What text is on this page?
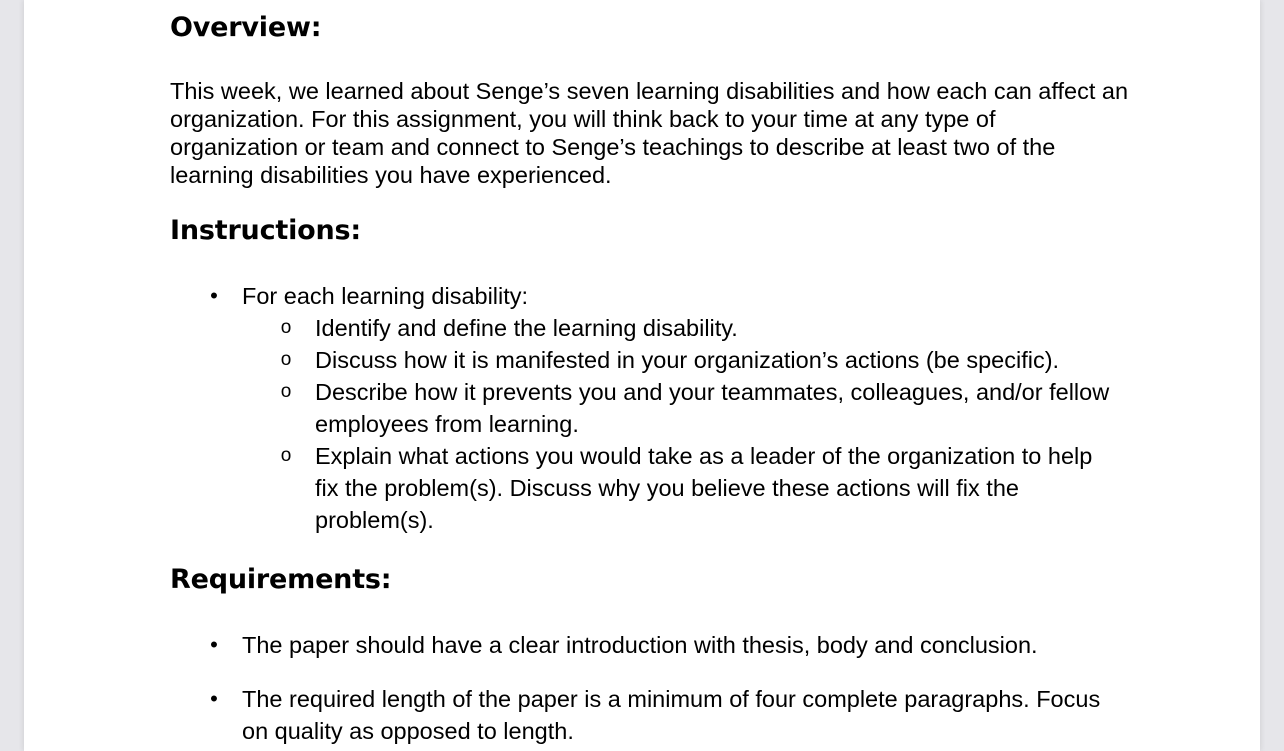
Overview:

This week, we learned about Senge’s seven learning disabilities and how each can affect an organization. For this assignment, you will think back to your time at any type of organization or team and connect to Senge’s teachings to describe at least two of the learning disabilities you have experienced.

Instructions:
• For each learning disability:
o Identify and define the learning disability.
o Discuss how it is manifested in your organization’s actions (be specific).
o Describe how it prevents you and your teammates, colleagues, and/or fellow employees from learning.
o Explain what actions you would take as a leader of the organization to help fix the problem(s). Discuss why you believe these actions will fix the problem(s).
Requirements:
• The paper should have a clear introduction with thesis, body and conclusion.
• The required length of the paper is a minimum of four complete paragraphs. Focus on quality as opposed to length.
